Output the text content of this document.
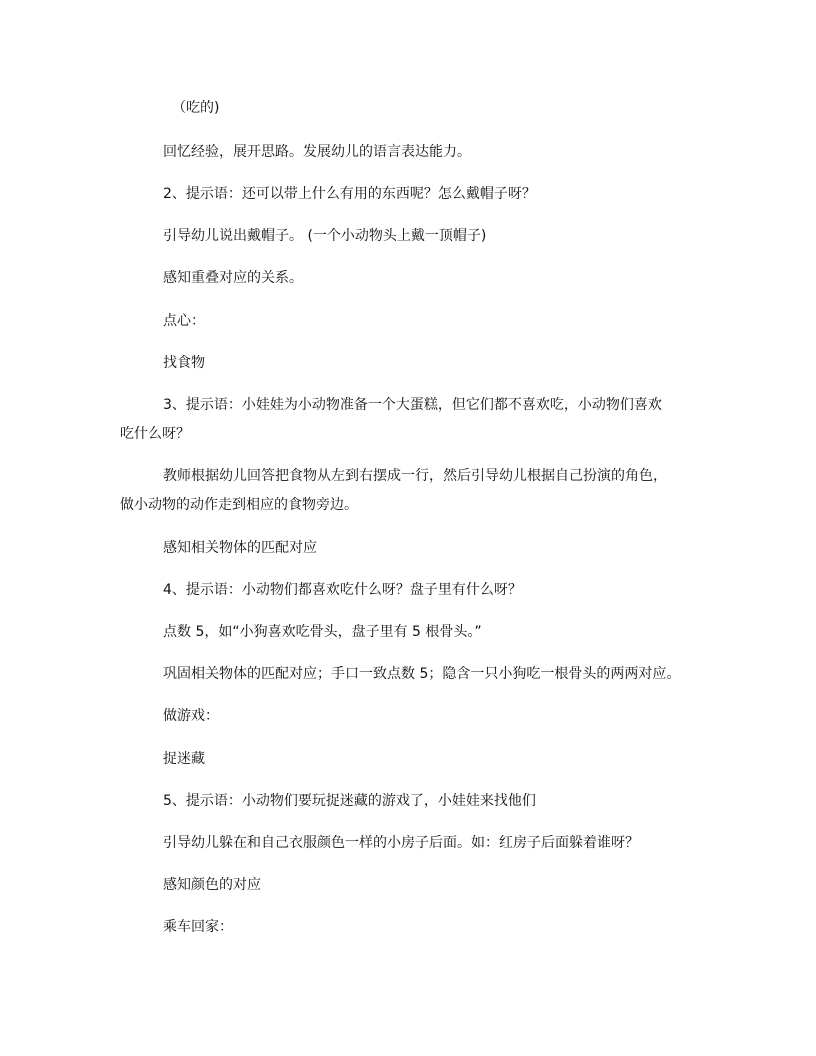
（吃的)

回忆经验，展开思路。发展幼儿的语言表达能力。

2、提示语：还可以带上什么有用的东西呢？怎么戴帽子呀？

引导幼儿说出戴帽子。 (一个小动物头上戴一顶帽子)

感知重叠对应的关系。

点心：

找食物

3、提示语：小娃娃为小动物准备一个大蛋糕，但它们都不喜欢吃，小动物们喜欢

吃什么呀？

教师根据幼儿回答把食物从左到右摆成一行，然后引导幼儿根据自己扮演的角色，

做小动物的动作走到相应的食物旁边。

感知相关物体的匹配对应

4、提示语：小动物们都喜欢吃什么呀？盘子里有什么呀？

点数 5，如“小狗喜欢吃骨头，盘子里有 5 根骨头。”

巩固相关物体的匹配对应；手口一致点数 5；隐含一只小狗吃一根骨头的两两对应。

做游戏：

捉迷藏

5、提示语：小动物们要玩捉迷藏的游戏了，小娃娃来找他们

引导幼儿躲在和自己衣服颜色一样的小房子后面。如：红房子后面躲着谁呀？

感知颜色的对应

乘车回家：
